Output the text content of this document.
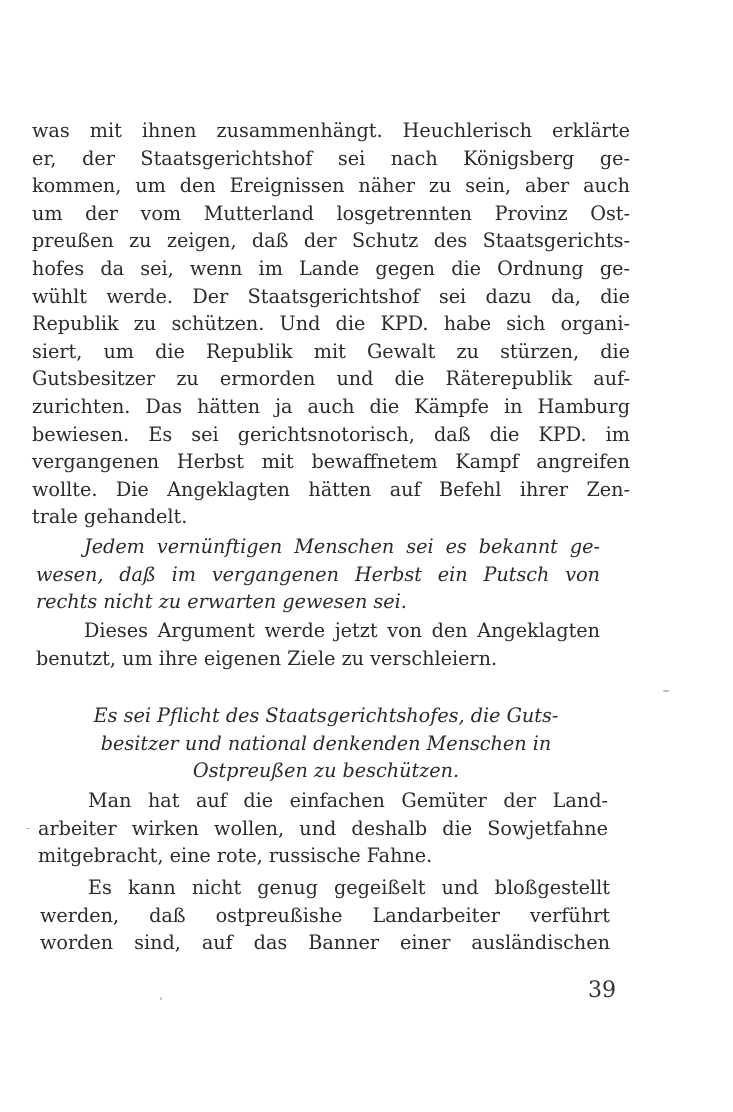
was mit ihnen zusammenhängt. Heuchlerisch erklärte
er, der Staatsgerichtshof sei nach Königsberg ge-
kommen, um den Ereignissen näher zu sein, aber auch
um der vom Mutterland losgetrennten Provinz Ost-
preußen zu zeigen, daß der Schutz des Staatsgerichts-
hofes da sei, wenn im Lande gegen die Ordnung ge-
wühlt werde. Der Staatsgerichtshof sei dazu da, die
Republik zu schützen. Und die KPD. habe sich organi-
siert, um die Republik mit Gewalt zu stürzen, die
Gutsbesitzer zu ermorden und die Räterepublik auf-
zurichten. Das hätten ja auch die Kämpfe in Hamburg
bewiesen. Es sei gerichtsnotorisch, daß die KPD. im
vergangenen Herbst mit bewaffnetem Kampf angreifen
wollte. Die Angeklagten hätten auf Befehl ihrer Zen-
trale gehandelt.
Jedem vernünftigen Menschen sei es bekannt ge-
wesen, daß im vergangenen Herbst ein Putsch von
rechts nicht zu erwarten gewesen sei.
Dieses Argument werde jetzt von den Angeklagten
benutzt, um ihre eigenen Ziele zu verschleiern.
Es sei Pflicht des Staatsgerichtshofes, die Guts-
besitzer und national denkenden Menschen in
Ostpreußen zu beschützen.
Man hat auf die einfachen Gemüter der Land-
arbeiter wirken wollen, und deshalb die Sowjetfahne
mitgebracht, eine rote, russische Fahne.
Es kann nicht genug gegeißelt und bloßgestellt
werden, daß ostpreußishe Landarbeiter verführt
worden sind, auf das Banner einer ausländischen
39
